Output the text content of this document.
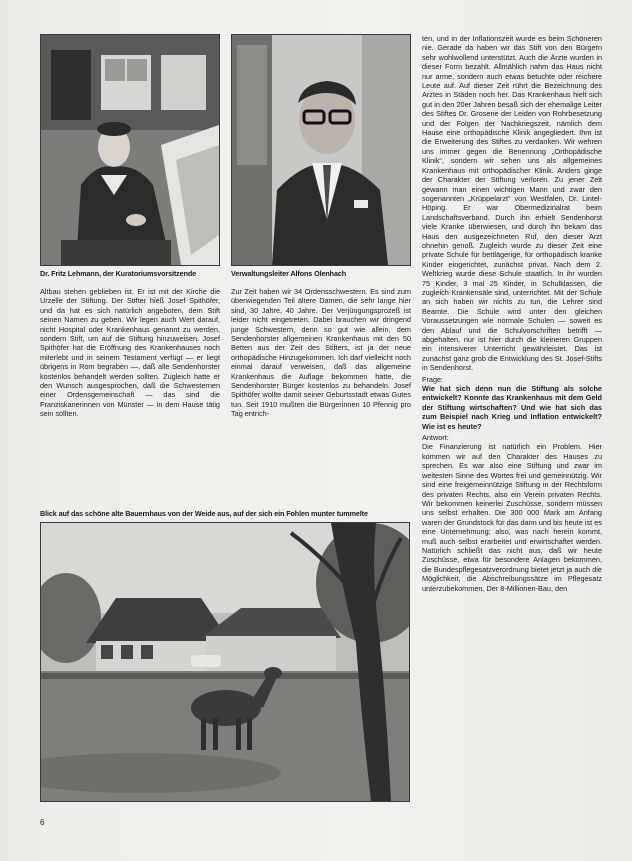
Dr. Fritz Lehmann, der Kuratoriumsvorsitzende	Verwaltungsleiter Alfons Olenhach

Altbau stehen geblieben ist. Er ist mit der Kirche die Urzelle der Stiftung. Der Stifter hieß Josef Spithöfer, und da hat es sich natürlich angeboten, dem Stift seinen Namen zu geben. Wir legen auch Wert darauf, nicht Hospital oder Krankenhaus genannt zu werden, sondern Stift, um auf die Stiftung hinzuweisen. Josef Spithöfer hat die Eröffnung des Krankenhauses noch miterlebt und in seinem Testament verfügt — er liegt übrigens in Rom begraben —, daß alle Sendenhorster kostenlos behandelt werden sollten. Zugleich hatte er den Wunsch ausgesprochen, daß die Schwesternen einer Ordensgemeinschaft — das sind die Franziskanerinnen von Münster — in dem Hause tätig sein sollten.

Zur Zeit haben wir 34 Ordensschwestern. Es sind zum überwiegenden Teil ältere Damen, die sehr lange hier sind, 30 Jahre, 40 Jahre. Der Verjüngungsprozeß ist leider nicht eingetreten. Dabei brauchen wir dringend junge Schwestern, denn so gut wie allein, dem Sendenhorster allgemeinen Krankenhaus mit den 50 Betten aus der Zeit des Stifters, ist ja der neue orthopädische Hinzugekommen. Ich darf vielleicht noch einmal darauf verweisen, daß das allgemeine Krankenhaus die Auflage bekommen hatte, die Sendenhorster Bürger kostenlos zu behandeln. Josef Spithöfer wollte damit seiner Geburtsstadt etwas Gutes tun. Seit 1910 mußten die Bürgerinnen 10 Pfennig pro Tag entrich-

ten, und in der Inflationszeit wurde es beim Schöneren nie. Gerade da haben wir das Stift von den Bürgern sehr wohlwollend unterstützt. Auch die Ärzte wurden in dieser Form bezahlt. Allmählich nahm das Haus nicht nur arme, sondern auch etwas betuchte oder reichere Leute auf. Auf dieser Zeit rührt die Bezeichnung des Arztes in Städen noch her. Das Krankenhaus hielt sich gut in den 20er Jahren besaß sich der ehemalige Leiter des Stiftes Dr. Grosene der Leiden von Rohrbesetzung und der Folgen der Nachkriegszeit, nämlich dem Hause eine orthopädische Klinik angegliedert. Ihm ist die Erweiterung des Stiftes zu verdanken. Wir wehren uns immer gegen die Benennung „Orthopädische Klinik“, sondern wir sehen uns als allgemeines Krankenhaus mit orthopädischer Klinik. Anders ginge der Charakter der Stiftung verloren. Zu jener Zeit gewann man einen wichtigen Mann und zwar den sogenannten „Krüppelarzt“ von Westfalen, Dr. Lintel-Höping. Er war Obermedizinalrat beim Landschaftsverband. Durch ihn erhielt Sendenhorst viele Kranke überwiesen, und durch ihn bekam das Haus den ausgezeichneten Ruf, den dieser Arzt ohnehin genoß. Zugleich wurde zu dieser Zeit eine private Schule für bettlägerige, für orthopädisch kranke Kinder eingerichtet, zunächst privat. Nach dem 2. Weltkrieg wurde diese Schule staatlich. In ihr wurden 75 Kinder, 3 mal 25 Kinder, in Schulklassen, die zugleich Krankensäle sind, unterrichtet. Mit der Schule an sich haben wir nichts zu tun, die Lehrer sind Beamte. Die Schule wird unter den gleichen Voraussetzungen wie normale Schulen — soweit es den Ablauf und die Schulvorschriften betrifft — abgehalten, nur ist hier durch die kleineren Gruppen ein intensiverer Unterricht gewährleistet. Das ist zunächst ganz grob die Entwicklung des St. Josef-Stifts in Sendenhorst.

Frage:

Wie hat sich denn nun die Stiftung als solche entwickelt? Konnte das Krankenhaus mit dem Geld der Stiftung wirtschaften? Und wie hat sich das zum Beispiel nach Krieg und Inflation entwickelt? Wie ist es heute?

Antwort:

Die Finanzierung ist natürlich ein Problem. Hier kommen wir auf den Charakter des Hauses zu sprechen. Es war also eine Stiftung und zwar im weitesten Sinne des Wortes frei und gemeinnützig. Wir sind eine freigemeinnützige Stiftung in der Rechtsform des privaten Rechts, also ein Verein privaten Rechts. Wir bekommen keinerlei Zuschüsse, sondern müssen uns selbst erhalten. Die 300 000 Mark am Anfang waren der Grundstock für das dann und bis heute ist es eine Unternehmung; also, was nach herein kommt, muß auch selbst erarbeitet und erwirtschaftet werden. Natürlich schließt das nicht aus, daß wir heute Zuschüsse, etwa für besondere Anlagen bekommen, die Bundespflegesatzverordnung bietet jetzt ja auch die Möglichkeit, die Abschreibungssätze im Pflegesatz unterzubekommen. Der 8-Millionen-Bau, den

Blick auf das schöne alte Bauernhaus von der Weide aus, auf der sich ein Fohlen munter tummelte
6
